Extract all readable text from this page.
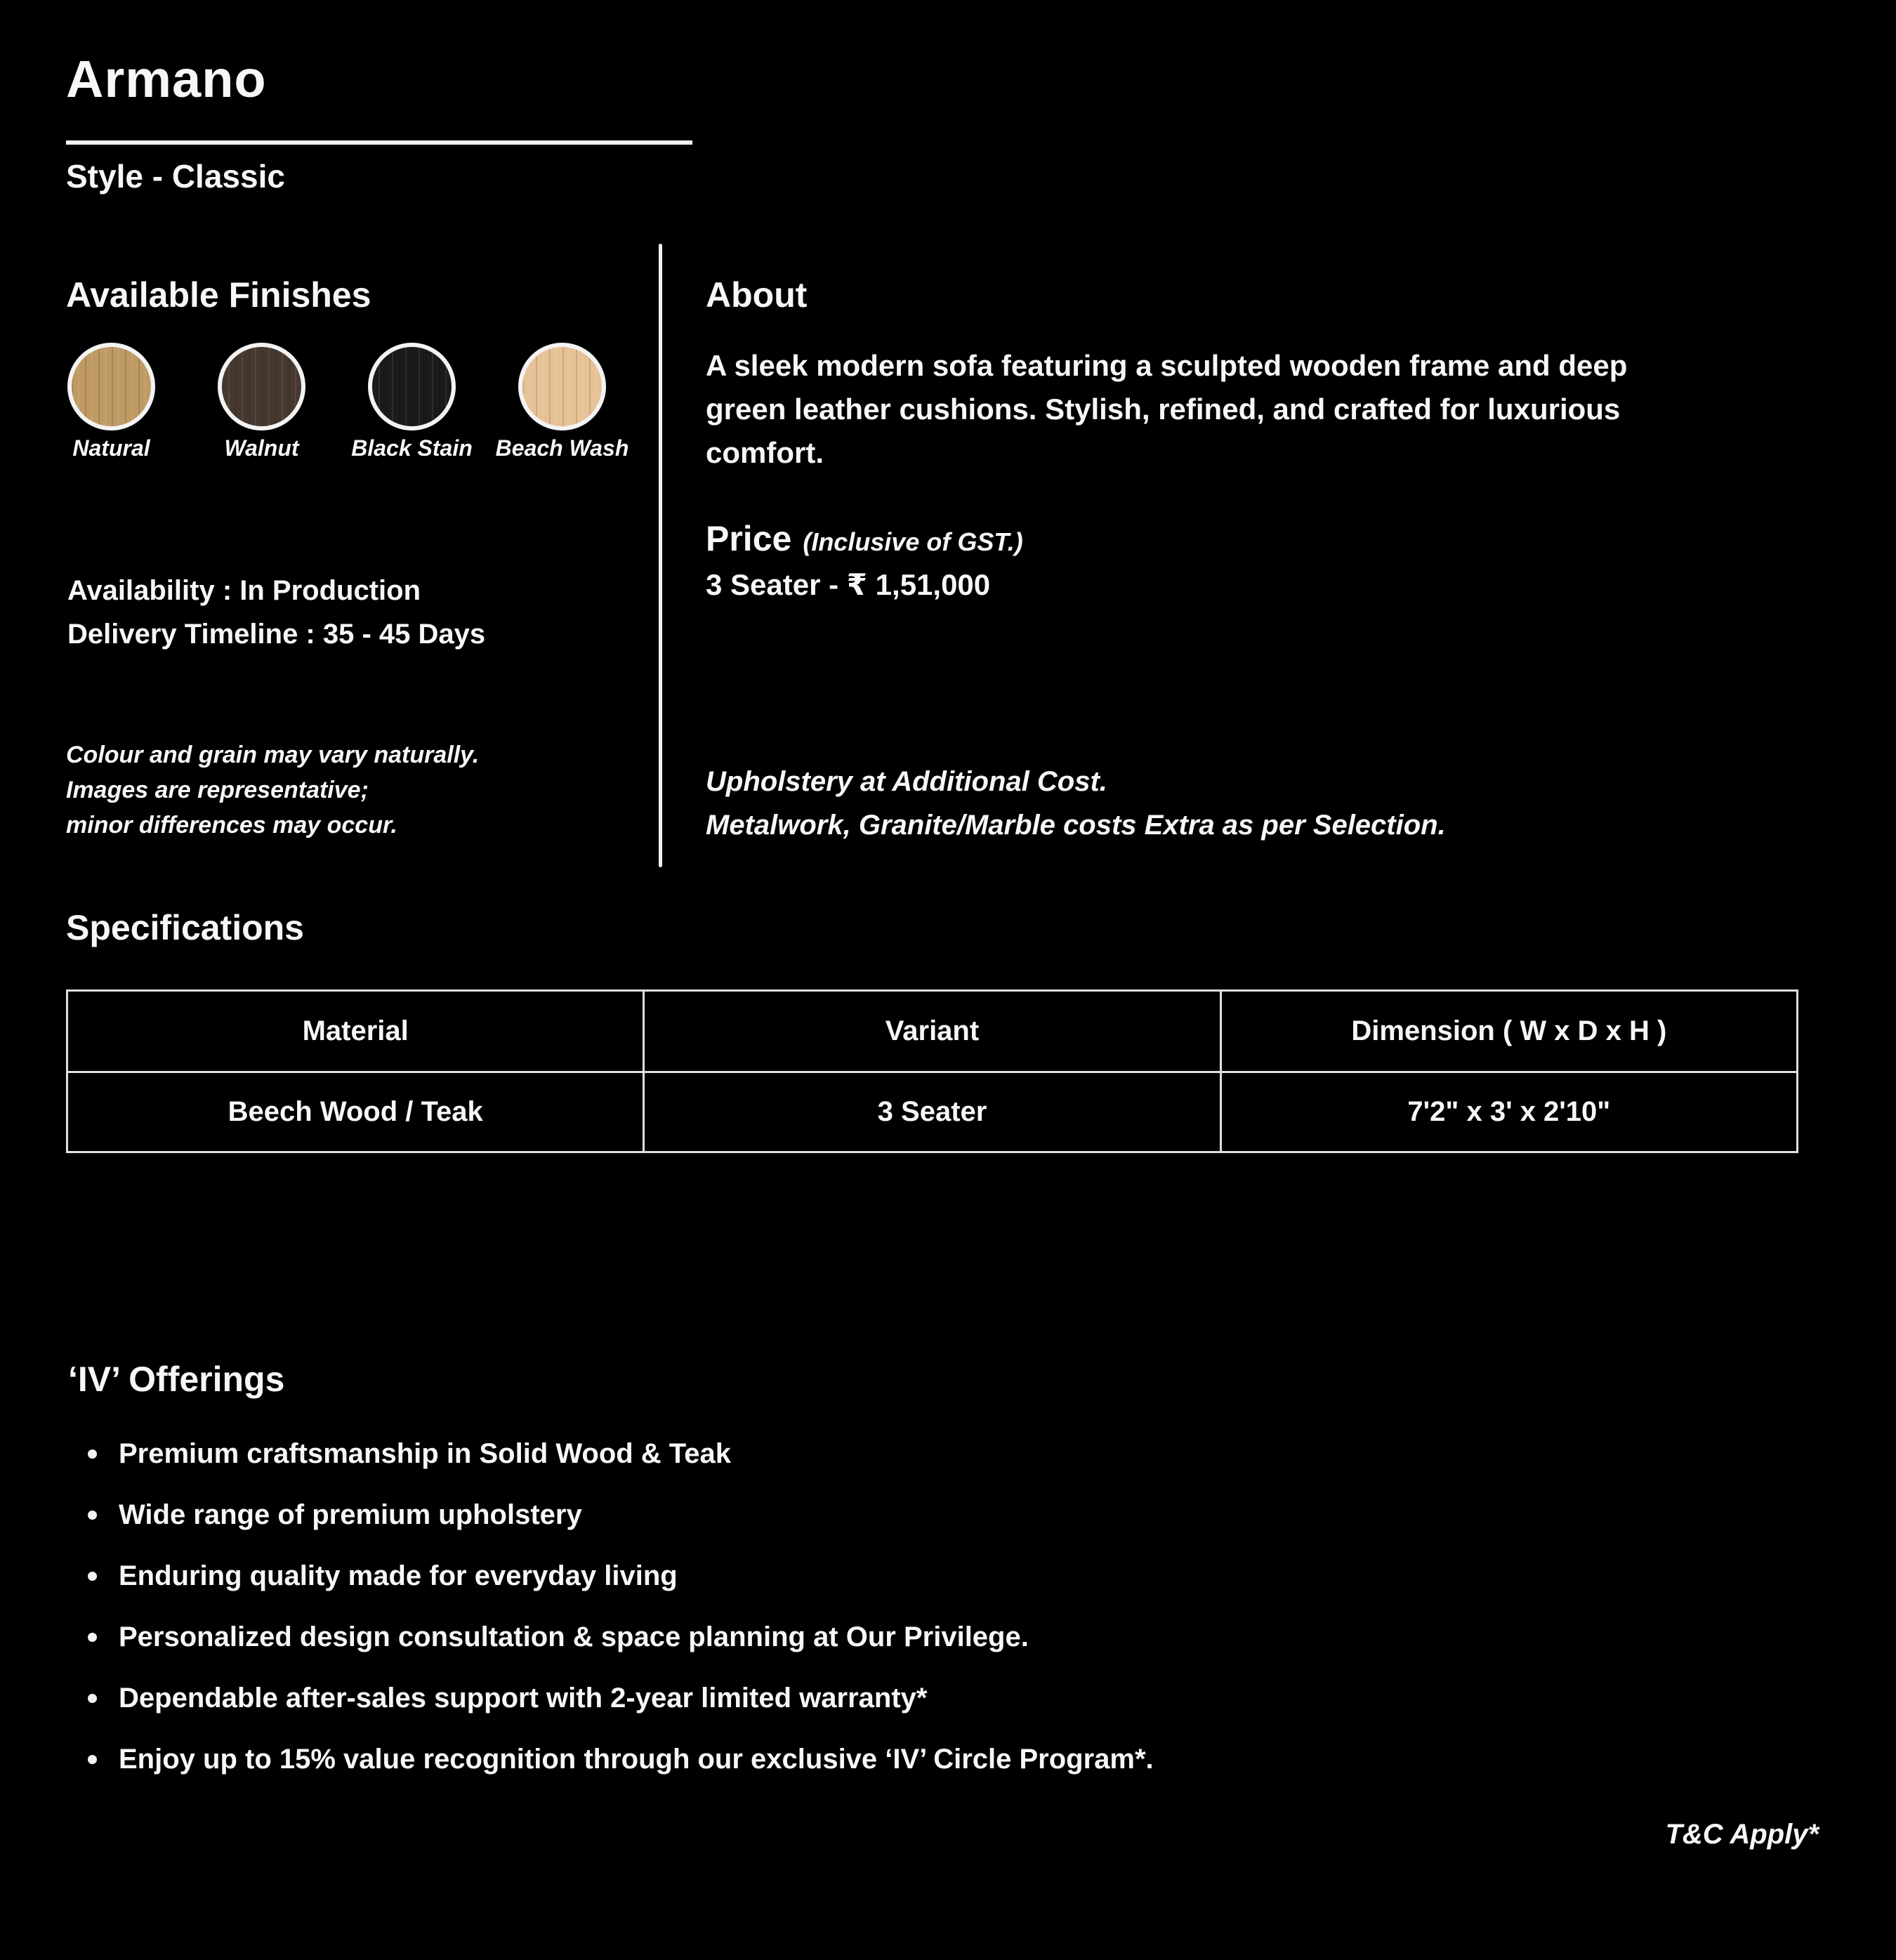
Armano
Style - Classic
Available Finishes
Natural	Walnut Black Stain Beach Wash
Availability : In Production
Delivery Timeline : 35 - 45 Days
Colour and grain may vary naturally.
Images are representative;
minor differences may occur.
About
A sleek modern sofa featuring a sculpted wooden frame and deep
green leather cushions. Stylish, refined, and crafted for luxurious
comfort.
Price (Inclusive of GST.)
3 Seater - ₹ 1,51,000
Upholstery at Additional Cost.
Metalwork, Granite/Marble costs Extra as per Selection.
Specifications
Material	Variant	Dimension ( W x D x H )
Beech Wood / Teak	3 Seater	7'2" x 3' x 2'10"
‘IV’ Offerings
Premium craftsmanship in Solid Wood & Teak
Wide range of premium upholstery
Enduring quality made for everyday living
Personalized design consultation & space planning at Our Privilege.
Dependable after-sales support with 2-year limited warranty*
Enjoy up to 15% value recognition through our exclusive ‘IV’ Circle Program*.
T&C Apply*
